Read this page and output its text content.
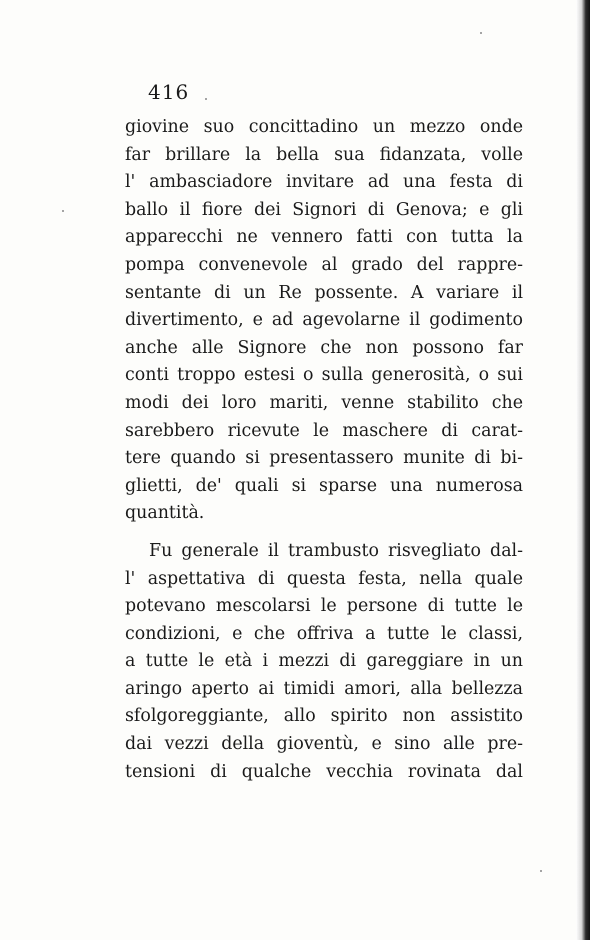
416

giovine suo concittadino un mezzo onde
far brillare la bella sua fidanzata, volle
l' ambasciadore invitare ad una festa di
ballo il fiore dei Signori di Genova; e gli
apparecchi ne vennero fatti con tutta la
pompa convenevole al grado del rappre-
sentante di un Re possente. A variare il
divertimento, e ad agevolarne il godimento
anche alle Signore che non possono far
conti troppo estesi o sulla generosità, o sui
modi dei loro mariti, venne stabilito che
sarebbero ricevute le maschere di carat-
tere quando si presentassero munite di bi-
glietti, de' quali si sparse una numerosa
quantità.
Fu generale il trambusto risvegliato dal-
l' aspettativa di questa festa, nella quale
potevano mescolarsi le persone di tutte le
condizioni, e che offriva a tutte le classi,
a tutte le età i mezzi di gareggiare in un
aringo aperto ai timidi amori, alla bellezza
sfolgoreggiante, allo spirito non assistito
dai vezzi della gioventù, e sino alle pre-
tensioni di qualche vecchia rovinata dal
